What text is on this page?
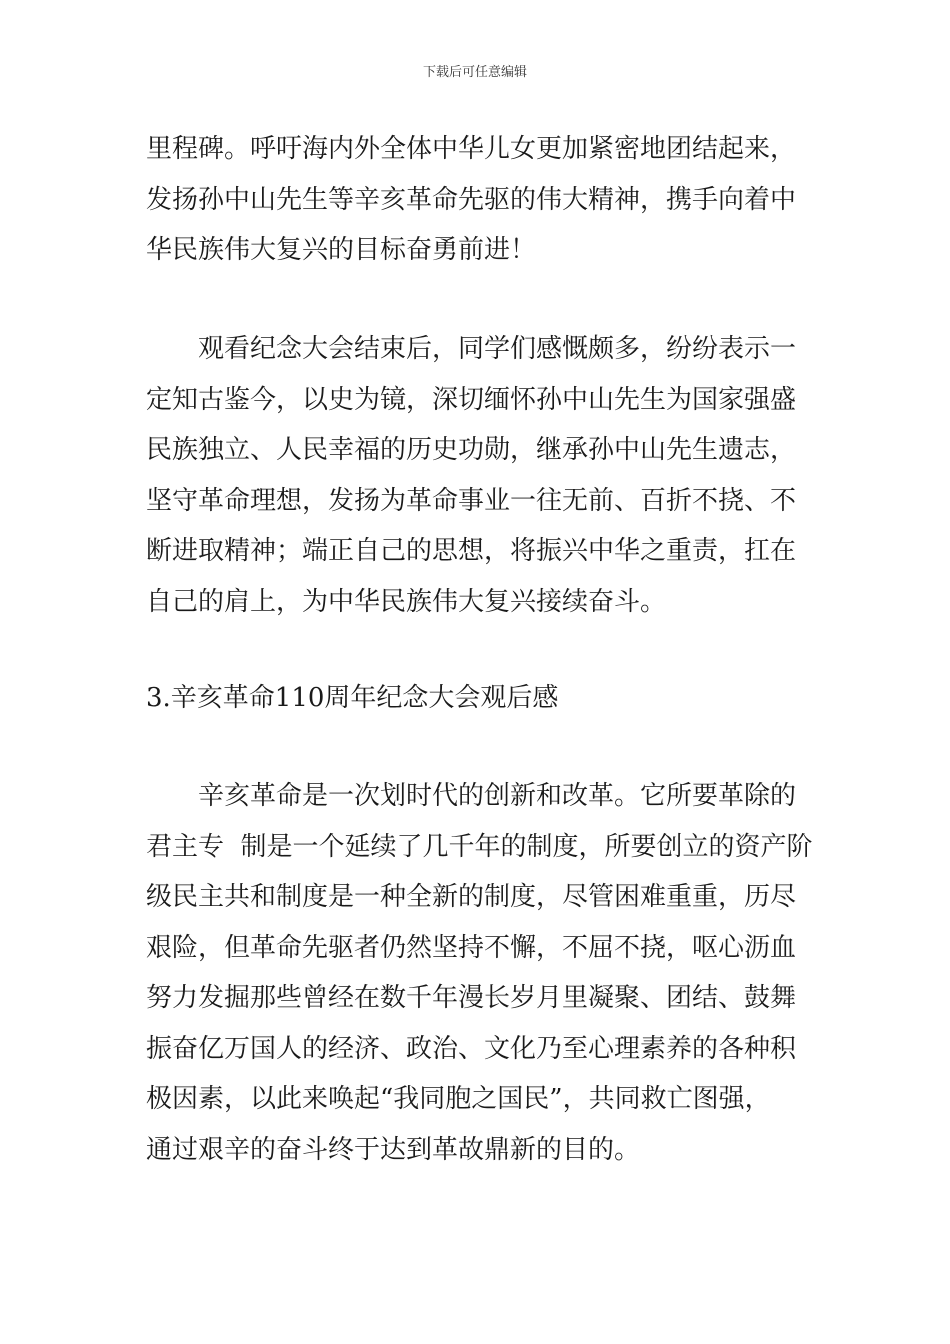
下载后可任意编辑
里程碑。呼吁海内外全体中华儿女更加紧密地团结起来，
发扬孙中山先生等辛亥革命先驱的伟大精神，携手向着中
华民族伟大复兴的目标奋勇前进！
观看纪念大会结束后，同学们感慨颇多，纷纷表示一
定知古鉴今，以史为镜，深切缅怀孙中山先生为国家强盛
民族独立、人民幸福的历史功勋，继承孙中山先生遗志，
坚守革命理想，发扬为革命事业一往无前、百折不挠、不
断进取精神；端正自己的思想，将振兴中华之重责，扛在
自己的肩上，为中华民族伟大复兴接续奋斗。
3.辛亥革命110周年纪念大会观后感
辛亥革命是一次划时代的创新和改革。它所要革除的
君主专  制是一个延续了几千年的制度，所要创立的资产阶
级民主共和制度是一种全新的制度，尽管困难重重，历尽
艰险，但革命先驱者仍然坚持不懈，不屈不挠，呕心沥血
努力发掘那些曾经在数千年漫长岁月里凝聚、团结、鼓舞
振奋亿万国人的经济、政治、文化乃至心理素养的各种积
极因素，以此来唤起“我同胞之国民”，共同救亡图强，
通过艰辛的奋斗终于达到革故鼎新的目的。
